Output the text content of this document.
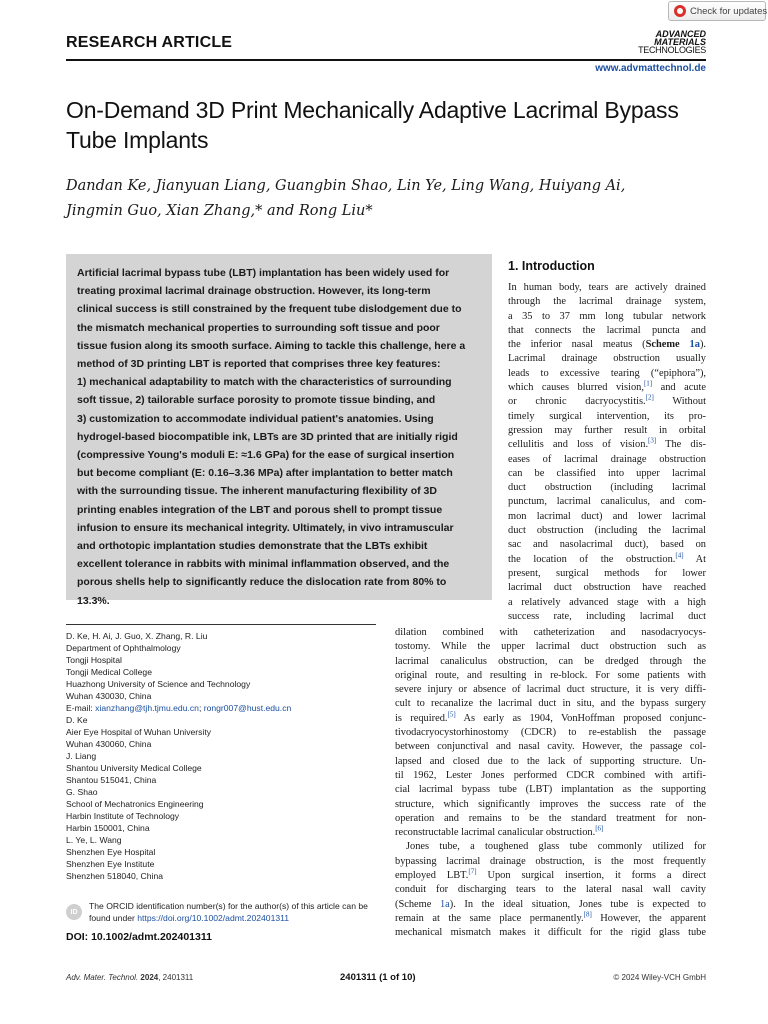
Check for updates
RESEARCH ARTICLE	ADVANCED
MATERIALS
TECHNOLOGIES
www.advmattechnol.de
On-Demand 3D Print Mechanically Adaptive Lacrimal Bypass Tube Implants
Dandan Ke, Jianyuan Liang, Guangbin Shao, Lin Ye, Ling Wang, Huiyang Ai, Jingmin Guo, Xian Zhang,* and Rong Liu*
Artificial lacrimal bypass tube (LBT) implantation has been widely used for
treating proximal lacrimal drainage obstruction. However, its long-term
clinical success is still constrained by the frequent tube dislodgement due to
the mismatch mechanical properties to surrounding soft tissue and poor
tissue fusion along its smooth surface. Aiming to tackle this challenge, here a
method of 3D printing LBT is reported that comprises three key features:
1) mechanical adaptability to match with the characteristics of surrounding
soft tissue, 2) tailorable surface porosity to promote tissue binding, and
3) customization to accommodate individual patient's anatomies. Using
hydrogel-based biocompatible ink, LBTs are 3D printed that are initially rigid
(compressive Young's moduli E: ≈1.6 GPa) for the ease of surgical insertion
but become compliant (E: 0.16–3.36 MPa) after implantation to better match
with the surrounding tissue. The inherent manufacturing flexibility of 3D
printing enables integration of the LBT and porous shell to prompt tissue
infusion to ensure its mechanical integrity. Ultimately, in vivo intramuscular
and orthotopic implantation studies demonstrate that the LBTs exhibit
excellent tolerance in rabbits with minimal inflammation observed, and the
porous shells help to significantly reduce the dislocation rate from 80% to
13.3%.
D. Ke, H. Ai, J. Guo, X. Zhang, R. Liu
Department of Ophthalmology
Tongji Hospital
Tongji Medical College
Huazhong University of Science and Technology
Wuhan 430030, China
E-mail: xianzhang@tjh.tjmu.edu.cn; rongr007@hust.edu.cn
D. Ke
Aier Eye Hospital of Wuhan University
Wuhan 430060, China
J. Liang
Shantou University Medical College
Shantou 515041, China
G. Shao
School of Mechatronics Engineering
Harbin Institute of Technology
Harbin 150001, China
L. Ye, L. Wang
Shenzhen Eye Hospital
Shenzhen Eye Institute
Shenzhen 518040, China
ID
The ORCID identification number(s) for the author(s) of this article can be found under https://doi.org/10.1002/admt.202401311
DOI: 10.1002/admt.202401311
1. Introduction
In human body, tears are actively drained
through the lacrimal drainage system,
a 35 to 37 mm long tubular network
that connects the lacrimal puncta and
the inferior nasal meatus (Scheme 1a).
Lacrimal drainage obstruction usually
leads to excessive tearing (“epiphora”),
which causes blurred vision,[1] and acute
or chronic dacryocystitis.[2] Without
timely surgical intervention, its pro-
gression may further result in orbital
cellulitis and loss of vision.[3] The dis-
eases of lacrimal drainage obstruction
can be classified into upper lacrimal
duct obstruction (including lacrimal
punctum, lacrimal canaliculus, and com-
mon lacrimal duct) and lower lacrimal
duct obstruction (including the lacrimal
sac and nasolacrimal duct), based on
the location of the obstruction.[4] At
present, surgical methods for lower
lacrimal duct obstruction have reached
a relatively advanced stage with a high
success rate, including lacrimal duct
dilation combined with catheterization and nasodacryocys-
tostomy. While the upper lacrimal duct obstruction such as
lacrimal canaliculus obstruction, can be dredged through the
original route, and resulting in re-block. For some patients with
severe injury or absence of lacrimal duct structure, it is very diffi-
cult to recanalize the lacrimal duct in situ, and the bypass surgery
is required.[5] As early as 1904, VonHoffman proposed conjunc-
tivodacryocystorhinostomy (CDCR) to re-establish the passage
between conjunctival and nasal cavity. However, the passage col-
lapsed and closed due to the lack of supporting structure. Un-
til 1962, Lester Jones performed CDCR combined with artifi-
cial lacrimal bypass tube (LBT) implantation as the supporting
structure, which significantly improves the success rate of the
operation and remains to be the standard treatment for non-
reconstructable lacrimal canalicular obstruction.[6]
Jones tube, a toughened glass tube commonly utilized for
bypassing lacrimal drainage obstruction, is the most frequently
employed LBT.[7] Upon surgical insertion, it forms a direct
conduit for discharging tears to the lateral nasal wall cavity
(Scheme 1a). In the ideal situation, Jones tube is expected to
remain at the same place permanently.[8] However, the apparent
mechanical mismatch makes it difficult for the rigid glass tube
Adv. Mater. Technol. 2024, 2401311	2401311 (1 of 10)	© 2024 Wiley-VCH GmbH
